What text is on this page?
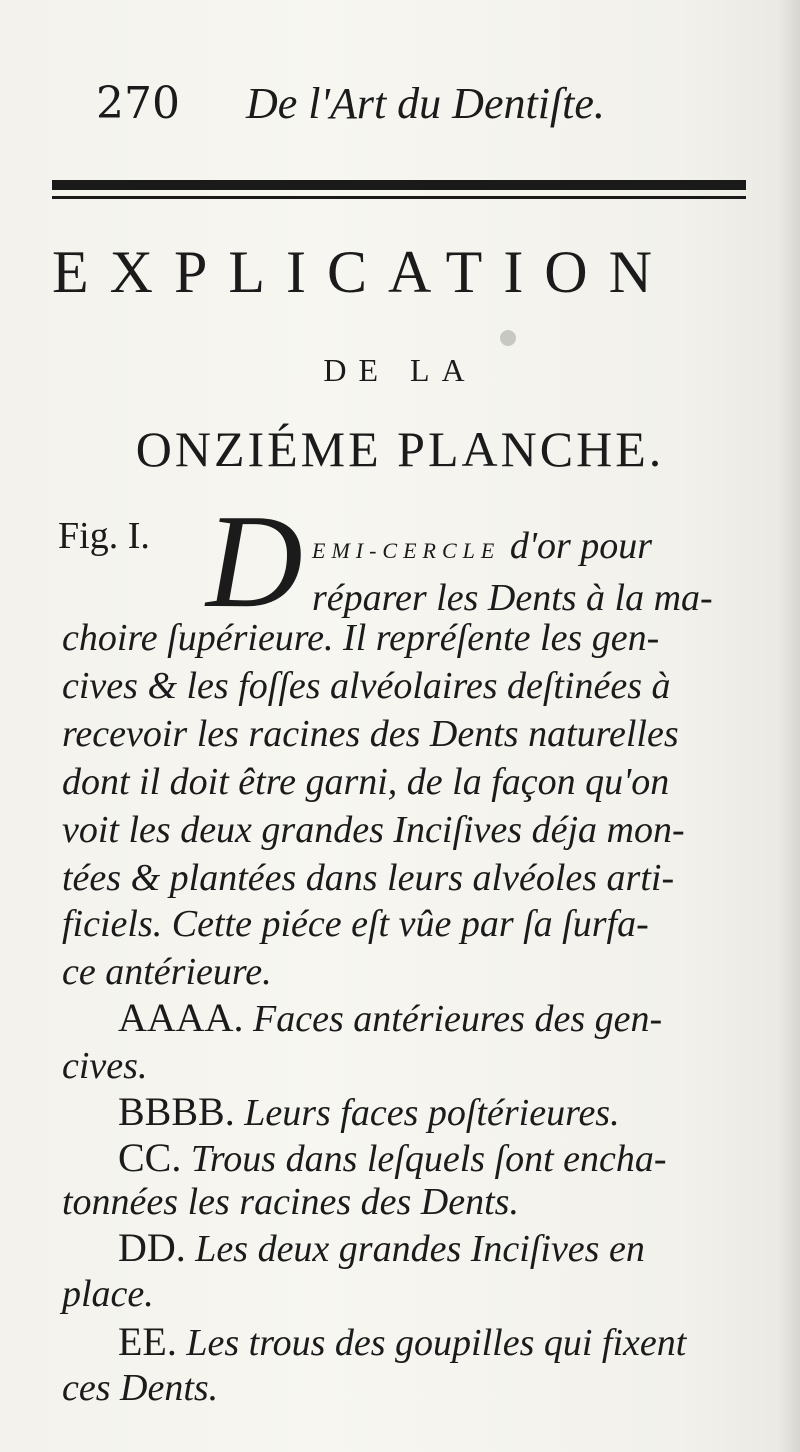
270 De l'Art du Dentiſte.
EXPLICATION
DE LA
ONZIÉME PLANCHE.
Fig. I. D EMI-CERCLE d'or pour
réparer les Dents à la ma-
choire ſupérieure. Il repréſente les gen-
cives & les foſſes alvéolaires deſtinées à
recevoir les racines des Dents naturelles
dont il doit être garni, de la façon qu'on
voit les deux grandes Inciſives déja mon-
tées & plantées dans leurs alvéoles arti-
ficiels. Cette piéce eſt vûe par ſa ſurfa-
ce antérieure.
AAAA. Faces antérieures des gen-
cives.
BBBB. Leurs faces poſtérieures.
CC. Trous dans leſquels ſont encha-
tonnées les racines des Dents.
DD. Les deux grandes Inciſives en
place.
EE. Les trous des goupilles qui fixent
ces Dents.
